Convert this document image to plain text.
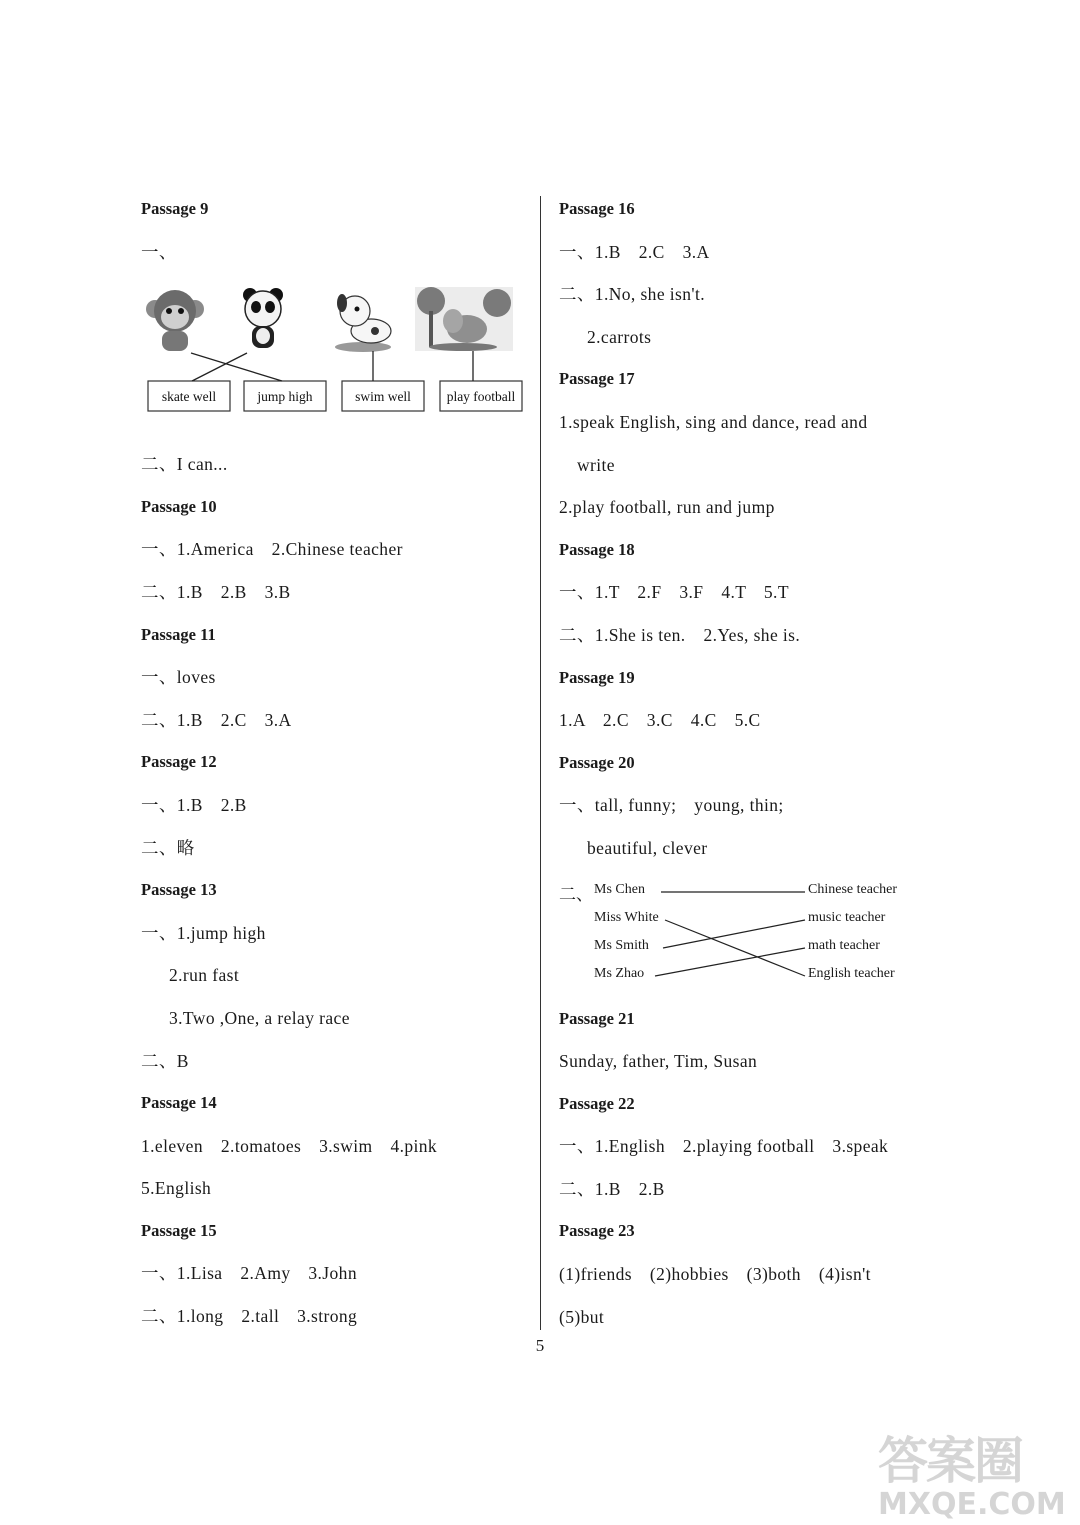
Passage 9
一、
skate well	jump high	swim well	play football
二、I can...
Passage 10
一、1.America　2.Chinese teacher
二、1.B　2.B　3.B
Passage 11
一、loves
二、1.B　2.C　3.A
Passage 12
一、1.B　2.B
二、略
Passage 13
一、1.jump high
2.run fast
3.Two ,One, a relay race
二、B
Passage 14
1.eleven　2.tomatoes　3.swim　4.pink
5.English
Passage 15
一、1.Lisa　2.Amy　3.John
二、1.long　2.tall　3.strong
Passage 16
一、1.B　2.C　3.A
二、1.No, she isn't.
2.carrots
Passage 17
1.speak English, sing and dance, read and
write
2.play football, run and jump
Passage 18
一、1.T　2.F　3.F　4.T　5.T
二、1.She is ten.　2.Yes, she is.
Passage 19
1.A　2.C　3.C　4.C　5.C
Passage 20
一、tall, funny;　young, thin;
beautiful, clever
二、 Ms Chen
Miss White
Ms Smith
Ms Zhao
Chinese teacher
music teacher
math teacher
English teacher
Passage 21
Sunday, father, Tim, Susan
Passage 22
一、1.English　2.playing football　3.speak
二、1.B　2.B
Passage 23
(1)friends　(2)hobbies　(3)both　(4)isn't
(5)but
5
答案圈
MXQE.COM
